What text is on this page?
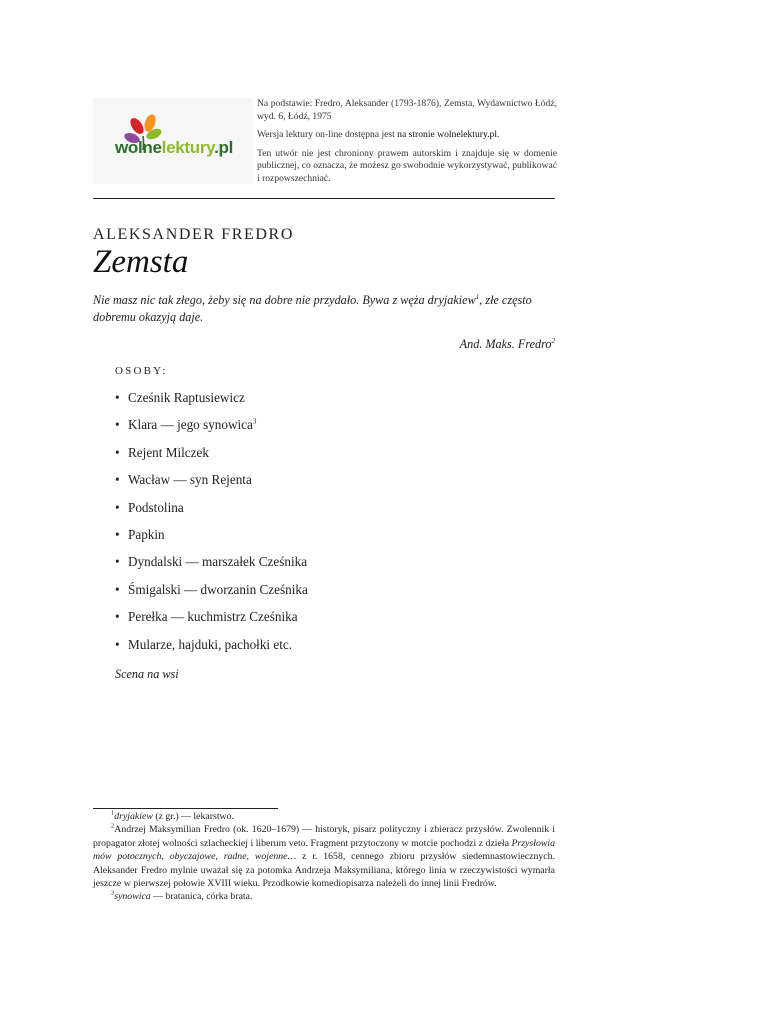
wolnelektury.pl

Na podstawie: Fredro, Aleksander (1793-1876), Zemsta, Wydawnictwo Łódź, wyd. 6, Łódź, 1975

Wersja lektury on-line dostępna jest na stronie wolnelektury.pl.

Ten utwór nie jest chroniony prawem autorskim i znajduje się w domenie publicznej, co oznacza, że możesz go swobodnie wykorzystywać, publikować i rozpowszechniać.

ALEKSANDER FREDRO
Zemsta
Nie masz nic tak złego, żeby się na dobre nie przydało. Bywa z węża dryjakiew$^1$, złe często dobremu okazyją daje.
And. Maks. Fredro$^2$
OSOBY:
• Cześnik Raptusiewicz
• Klara — jego synowica$^3$
• Rejent Milczek
• Wacław — syn Rejenta
• Podstolina
• Papkin
• Dyndalski — marszałek Cześnika
• Śmigalski — dworzanin Cześnika
• Perełka — kuchmistrz Cześnika
• Mularze, hajduki, pachołki etc.
Scena na wsi

$^1$dryjakiew (z gr.) — lekarstwo.

$^2$Andrzej Maksymilian Fredro (ok. 1620–1679) — historyk, pisarz polityczny i zbieracz przysłów. Zwolennik i propagator złotej wolności szlacheckiej i liberum veto. Fragment przytoczony w motcie pochodzi z dzieła Przysłowia mów potocznych, obyczajowe, radne, wojenne… z r. 1658, cennego zbioru przysłów siedemnastowiecznych. Aleksander Fredro mylnie uważał się za potomka Andrzeja Maksymiliana, którego linia w rzeczywistości wymarła jeszcze w pierwszej połowie XVIII wieku. Przodkowie komediopisarza należeli do innej linii Fredrów.

$^3$synowica — bratanica, córka brata.
